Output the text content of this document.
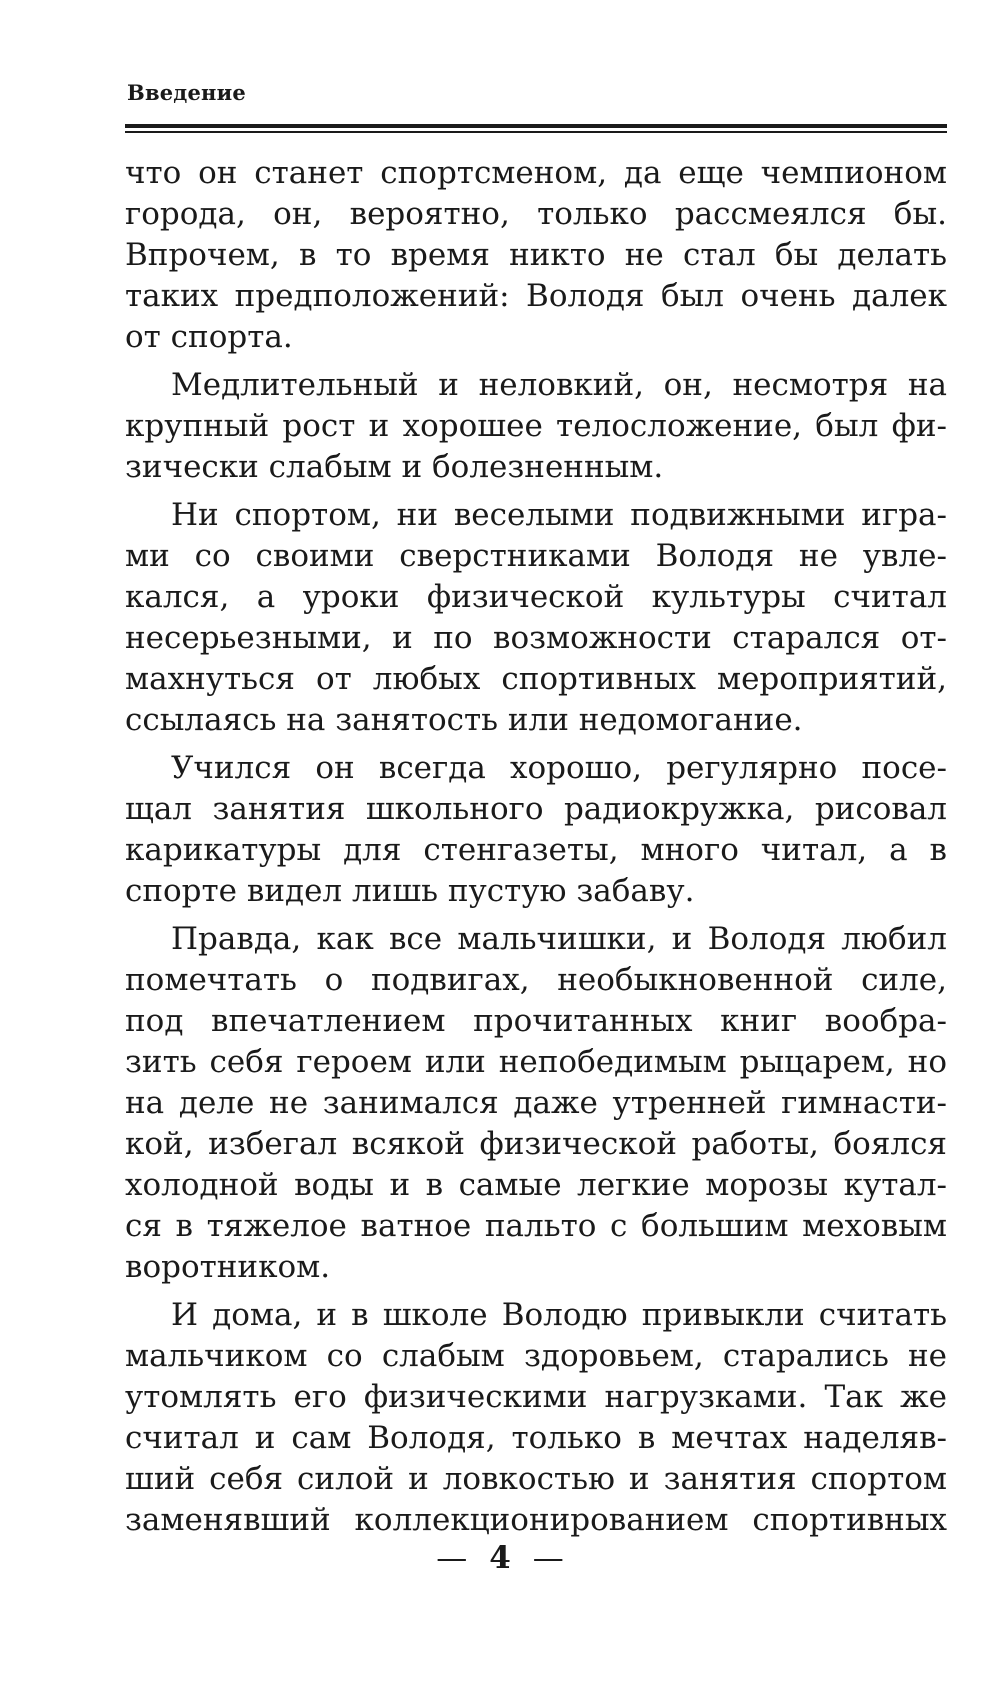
Введение
что он станет спортсменом, да еще чемпионом
города, он, вероятно, только рассмеялся бы.
Впрочем, в то время никто не стал бы делать
таких предположений: Володя был очень далек
от спорта.
Медлительный и неловкий, он, несмотря на
крупный рост и хорошее телосложение, был фи-
зически слабым и болезненным.
Ни спортом, ни веселыми подвижными игра-
ми со своими сверстниками Володя не увле-
кался, а уроки физической культуры считал
несерьезными, и по возможности старался от-
махнуться от любых спортивных мероприятий,
ссылаясь на занятость или недомогание.
Учился он всегда хорошо, регулярно посе-
щал занятия школьного радиокружка, рисовал
карикатуры для стенгазеты, много читал, а в
спорте видел лишь пустую забаву.
Правда, как все мальчишки, и Володя любил
помечтать о подвигах, необыкновенной силе,
под впечатлением прочитанных книг вообра-
зить себя героем или непобедимым рыцарем, но
на деле не занимался даже утренней гимнасти-
кой, избегал всякой физической работы, боялся
холодной воды и в самые легкие морозы кутал-
ся в тяжелое ватное пальто с большим меховым
воротником.
И дома, и в школе Володю привыкли считать
мальчиком со слабым здоровьем, старались не
утомлять его физическими нагрузками. Так же
считал и сам Володя, только в мечтах наделяв-
ший себя силой и ловкостью и занятия спортом
заменявший коллекционированием спортивных
— 4 —
